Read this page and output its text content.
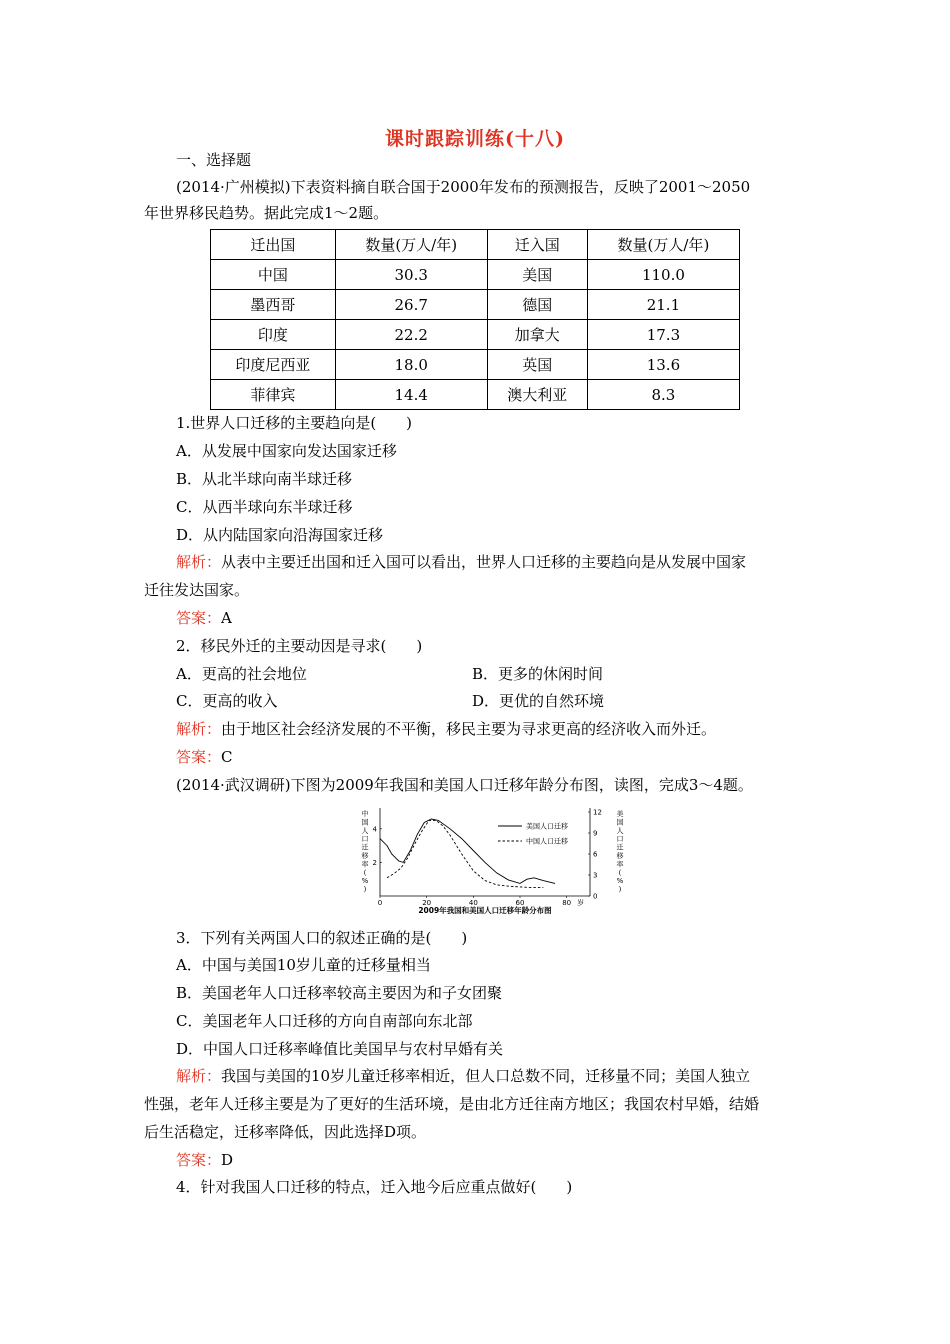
课时跟踪训练(十八)
一、选择题
(2014·广州模拟)下表资料摘自联合国于2000年发布的预测报告，反映了2001～2050
年世界移民趋势。据此完成1～2题。
迁出国	数量(万人/年)	迁入国	数量(万人/年)
中国	30.3	美国	110.0
墨西哥	26.7	德国	21.1
印度	22.2	加拿大	17.3
印度尼西亚	18.0	英国	13.6
菲律宾	14.4	澳大利亚	8.3
1.世界人口迁移的主要趋向是(　　)
A．从发展中国家向发达国家迁移
B．从北半球向南半球迁移
C．从西半球向东半球迁移
D．从内陆国家向沿海国家迁移
解析：从表中主要迁出国和迁入国可以看出，世界人口迁移的主要趋向是从发展中国家
迁往发达国家。
答案：A
2．移民外迁的主要动因是寻求(　　)
A．更高的社会地位	B．更多的休闲时间
C．更高的收入	D．更优的自然环境
解析：由于地区社会经济发展的不平衡，移民主要为寻求更高的经济收入而外迁。
答案：C
(2014·武汉调研)下图为2009年我国和美国人口迁移年龄分布图，读图，完成3～4题。
0	20	40	60	80 岁
2
4
0
3
6
9
12
中国人口迁移率( % )
美国人口迁移率( % )
美国人口迁移
中国人口迁移
2009年我国和美国人口迁移年龄分布图
3．下列有关两国人口的叙述正确的是(　　)
A．中国与美国10岁儿童的迁移量相当
B．美国老年人口迁移率较高主要因为和子女团聚
C．美国老年人口迁移的方向自南部向东北部
D．中国人口迁移率峰值比美国早与农村早婚有关
解析：我国与美国的10岁儿童迁移率相近，但人口总数不同，迁移量不同；美国人独立
性强，老年人迁移主要是为了更好的生活环境，是由北方迁往南方地区；我国农村早婚，结婚
后生活稳定，迁移率降低，因此选择D项。
答案：D
4．针对我国人口迁移的特点，迁入地今后应重点做好(　　)
